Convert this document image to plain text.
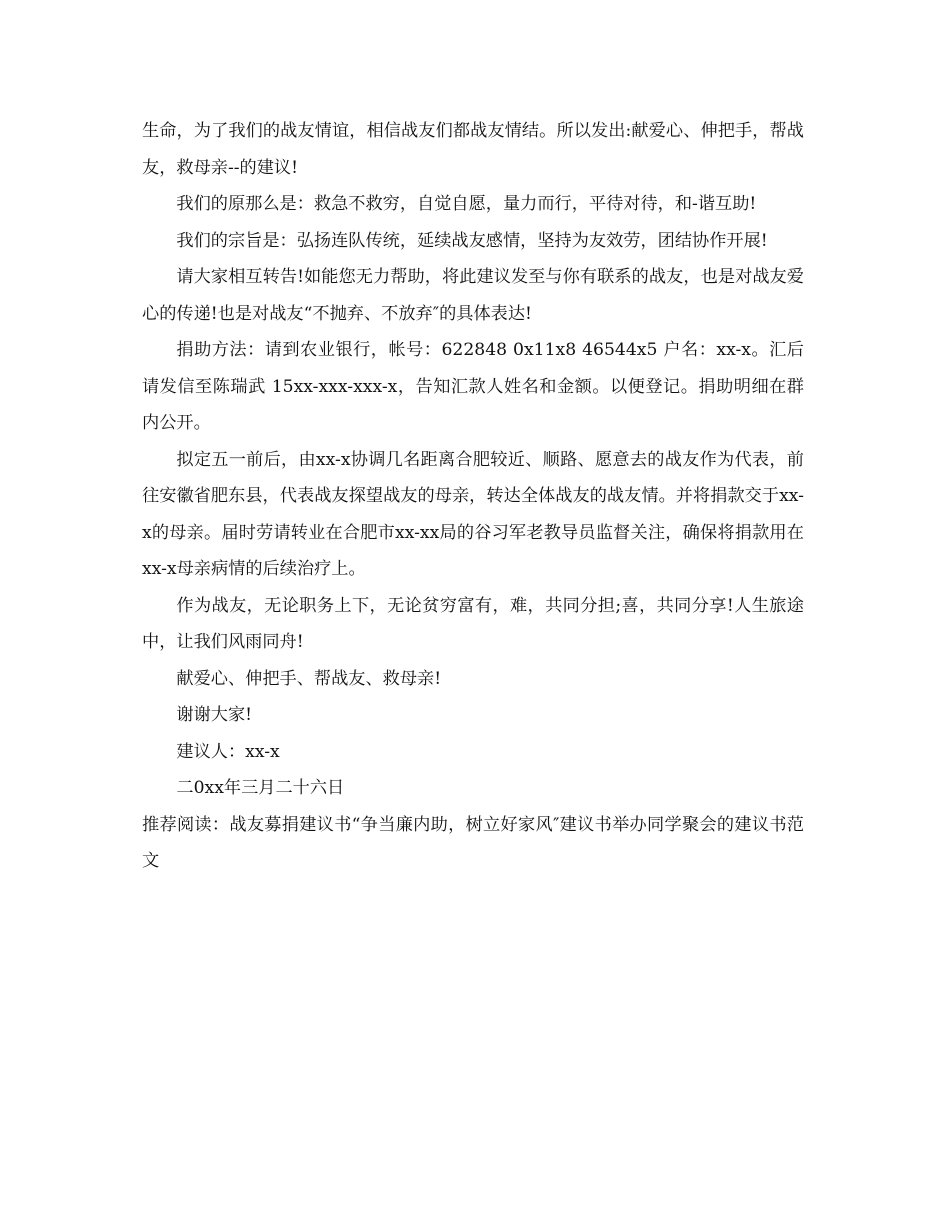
生命，为了我们的战友情谊，相信战友们都战友情结。所以发出:献爱心、伸把手，帮战友，救母亲--的建议!

我们的原那么是：救急不救穷，自觉自愿，量力而行，平待对待，和-谐互助!

我们的宗旨是：弘扬连队传统，延续战友感情，坚持为友效劳，团结协作开展!

请大家相互转告!如能您无力帮助，将此建议发至与你有联系的战友，也是对战友爱心的传递!也是对战友“不抛弃、不放弃″的具体表达!

捐助方法：请到农业银行，帐号：622848 0x11x8 46544x5 户名：xx-x。汇后请发信至陈瑞武 15xx-xxx-xxx-x，告知汇款人姓名和金额。以便登记。捐助明细在群内公开。

拟定五一前后，由xx-x协调几名距离合肥较近、顺路、愿意去的战友作为代表，前往安徽省肥东县，代表战友探望战友的母亲，转达全体战友的战友情。并将捐款交于xx-x的母亲。届时劳请转业在合肥市xx-xx局的谷习军老教导员监督关注，确保将捐款用在xx-x母亲病情的后续治疗上。

作为战友，无论职务上下，无论贫穷富有，难，共同分担;喜，共同分享!人生旅途中，让我们风雨同舟!

献爱心、伸把手、帮战友、救母亲!

谢谢大家!

建议人：xx-x

二0xx年三月二十六日

推荐阅读：战友募捐建议书“争当廉内助，树立好家风″建议书举办同学聚会的建议书范文
